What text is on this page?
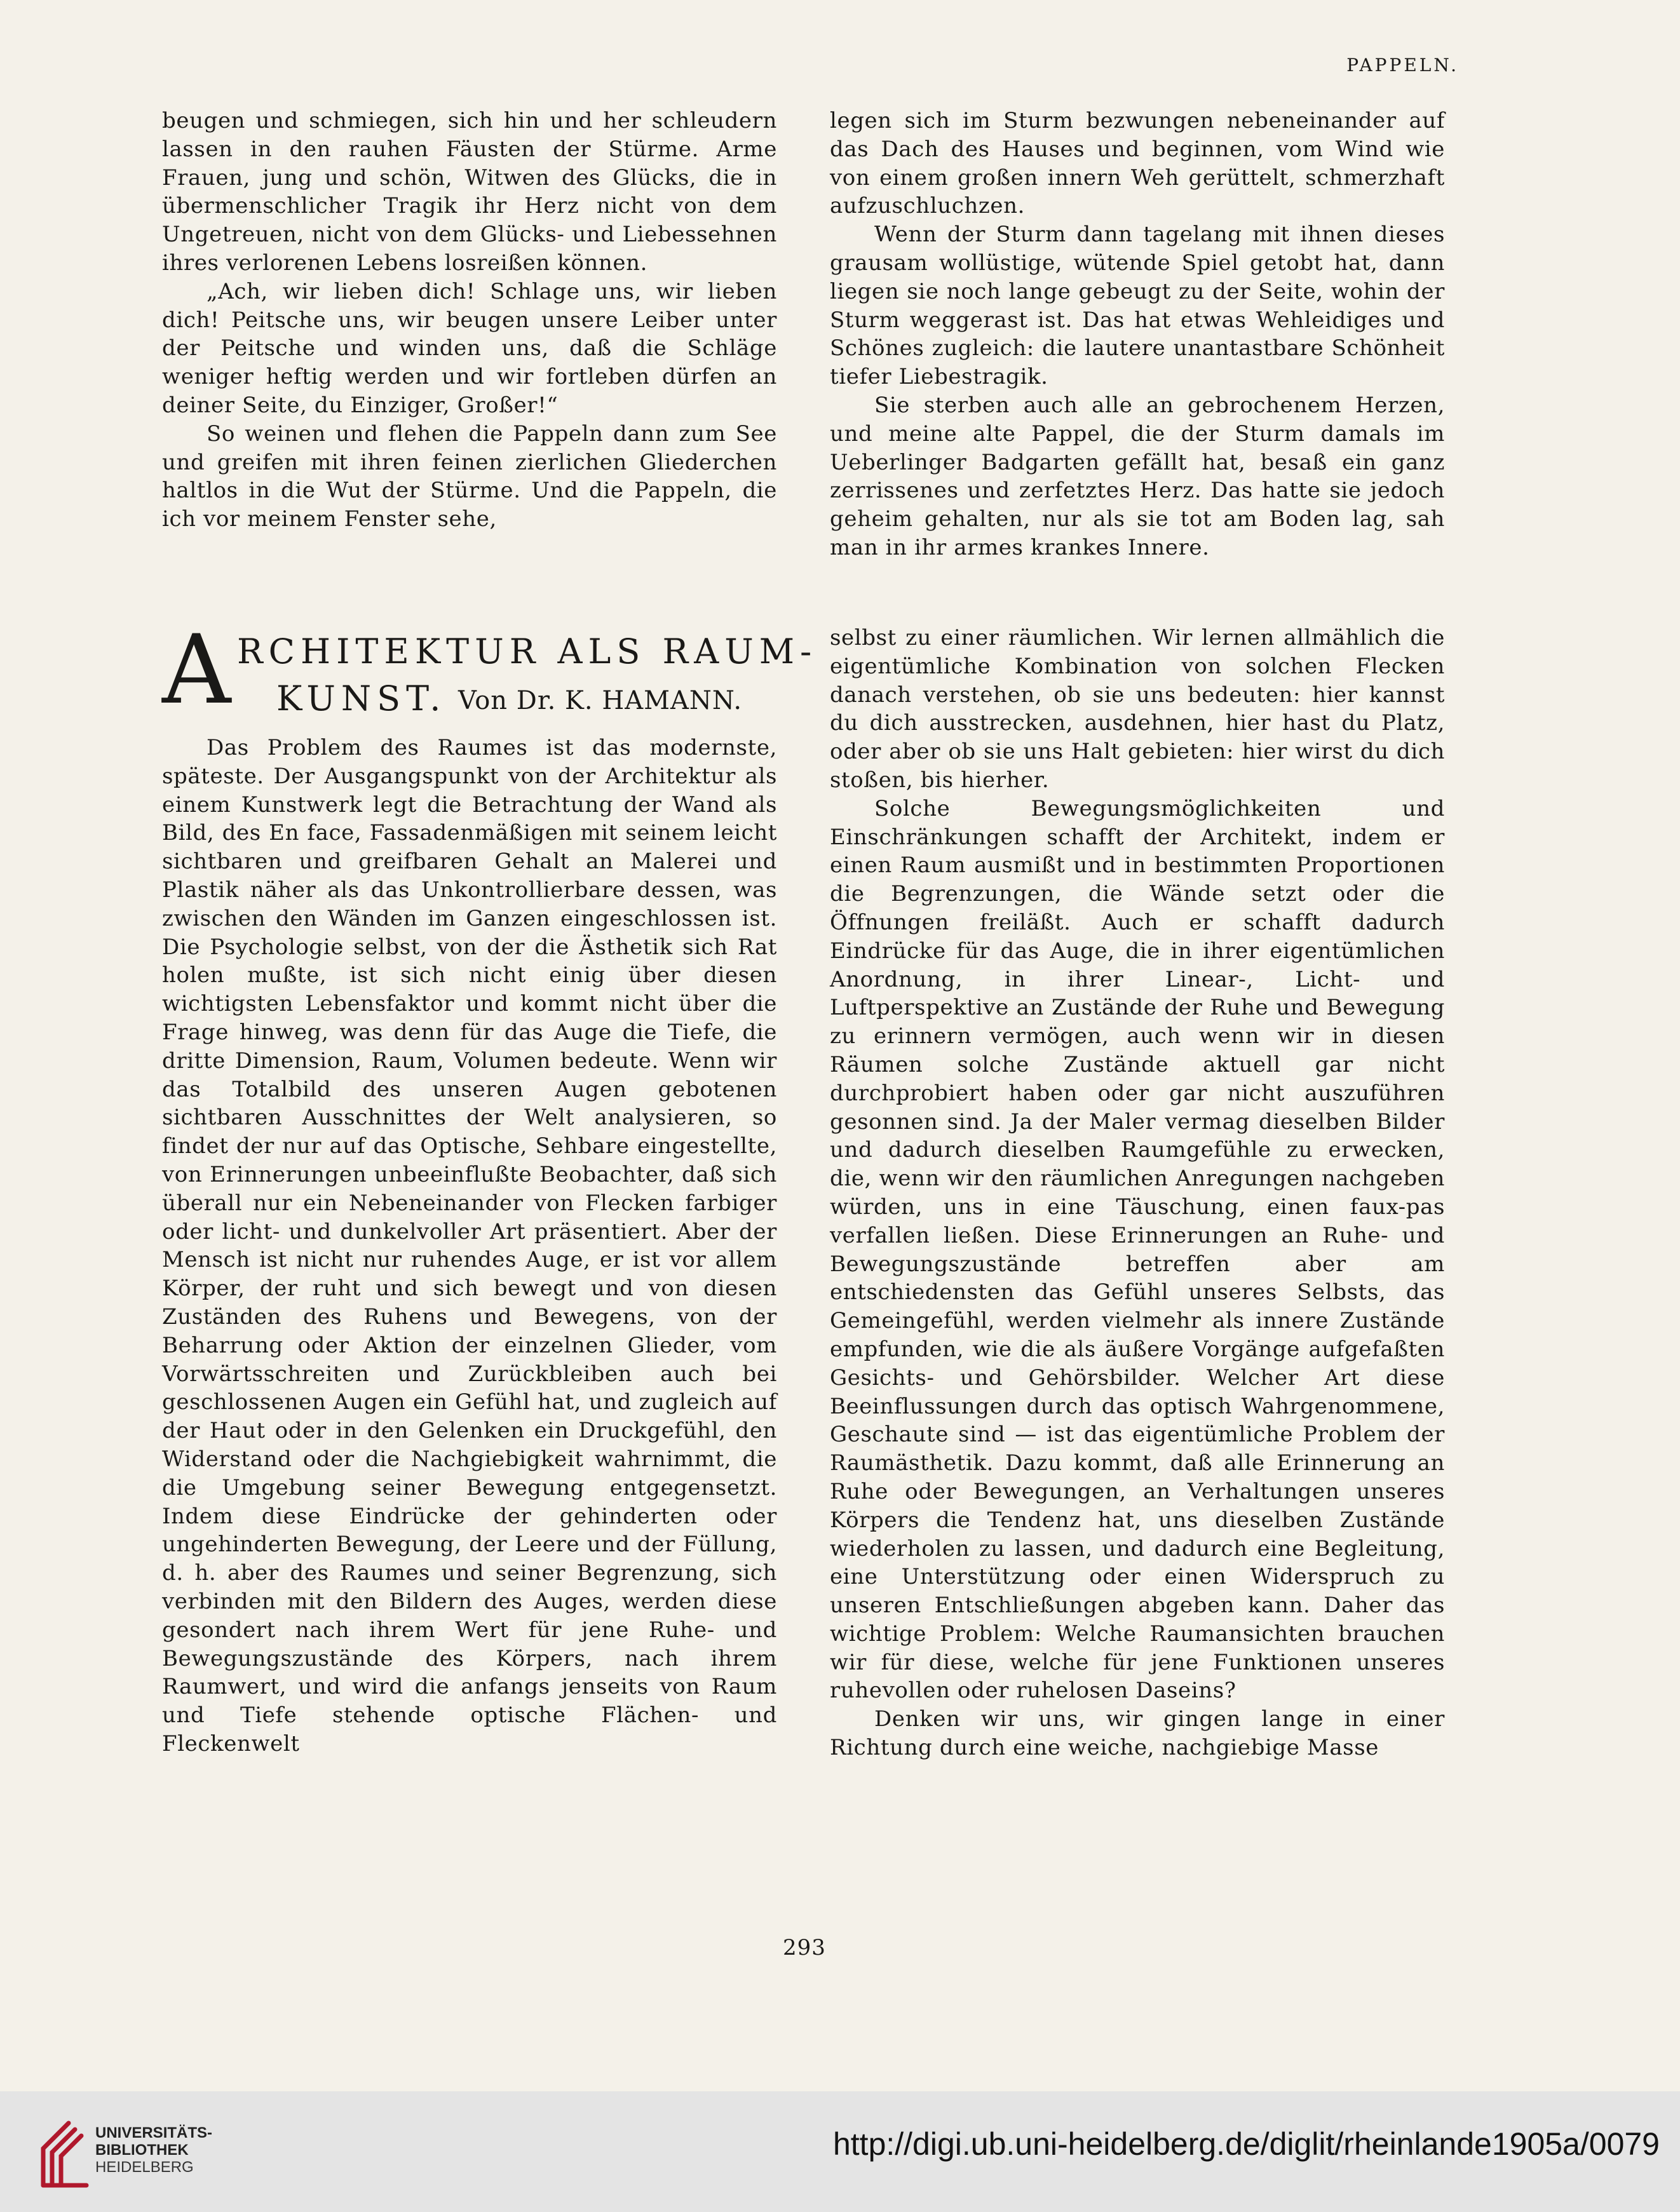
PAPPELN.

beugen und schmiegen, sich hin und her schleudern lassen in den rauhen Fäusten der Stürme. Arme Frauen, jung und schön, Witwen des Glücks, die in übermenschlicher Tragik ihr Herz nicht von dem Ungetreuen, nicht von dem Glücks- und Liebessehnen ihres verlorenen Lebens losreißen können.

„Ach, wir lieben dich! Schlage uns, wir lieben dich! Peitsche uns, wir beugen unsere Leiber unter der Peitsche und winden uns, daß die Schläge weniger heftig werden und wir fortleben dürfen an deiner Seite, du Einziger, Großer!“

So weinen und flehen die Pappeln dann zum See und greifen mit ihren feinen zierlichen Gliederchen haltlos in die Wut der Stürme. Und die Pappeln, die ich vor meinem Fenster sehe,

legen sich im Sturm bezwungen nebeneinander auf das Dach des Hauses und beginnen, vom Wind wie von einem großen innern Weh gerüttelt, schmerzhaft aufzuschluchzen.

Wenn der Sturm dann tagelang mit ihnen dieses grausam wollüstige, wütende Spiel getobt hat, dann liegen sie noch lange gebeugt zu der Seite, wohin der Sturm weggerast ist. Das hat etwas Wehleidiges und Schönes zugleich: die lautere unantastbare Schönheit tiefer Liebestragik.

Sie sterben auch alle an gebrochenem Herzen, und meine alte Pappel, die der Sturm damals im Ueberlinger Badgarten gefällt hat, besaß ein ganz zerrissenes und zerfetztes Herz. Das hatte sie jedoch geheim gehalten, nur als sie tot am Boden lag, sah man in ihr armes krankes Innere.

A RCHITEKTUR ALS RAUM-
KUNST. Von Dr. K. HAMANN.

Das Problem des Raumes ist das modernste, späteste. Der Ausgangspunkt von der Architektur als einem Kunstwerk legt die Betrachtung der Wand als Bild, des En face, Fassadenmäßigen mit seinem leicht sichtbaren und greifbaren Gehalt an Malerei und Plastik näher als das Unkontrollierbare dessen, was zwischen den Wänden im Ganzen eingeschlossen ist. Die Psychologie selbst, von der die Ästhetik sich Rat holen mußte, ist sich nicht einig über diesen wichtigsten Lebensfaktor und kommt nicht über die Frage hinweg, was denn für das Auge die Tiefe, die dritte Dimension, Raum, Volumen bedeute. Wenn wir das Totalbild des unseren Augen gebotenen sichtbaren Ausschnittes der Welt analysieren, so findet der nur auf das Optische, Sehbare eingestellte, von Erinnerungen unbeeinflußte Beobachter, daß sich überall nur ein Nebeneinander von Flecken farbiger oder licht- und dunkelvoller Art präsentiert. Aber der Mensch ist nicht nur ruhendes Auge, er ist vor allem Körper, der ruht und sich bewegt und von diesen Zuständen des Ruhens und Bewegens, von der Beharrung oder Aktion der einzelnen Glieder, vom Vorwärtsschreiten und Zurückbleiben auch bei geschlossenen Augen ein Gefühl hat, und zugleich auf der Haut oder in den Gelenken ein Druckgefühl, den Widerstand oder die Nachgiebigkeit wahrnimmt, die die Umgebung seiner Bewegung entgegensetzt. Indem diese Eindrücke der gehinderten oder ungehinderten Bewegung, der Leere und der Füllung, d. h. aber des Raumes und seiner Begrenzung, sich verbinden mit den Bildern des Auges, werden diese gesondert nach ihrem Wert für jene Ruhe- und Bewegungszustände des Körpers, nach ihrem Raumwert, und wird die anfangs jenseits von Raum und Tiefe stehende optische Flächen- und Fleckenwelt

selbst zu einer räumlichen. Wir lernen allmählich die eigentümliche Kombination von solchen Flecken danach verstehen, ob sie uns bedeuten: hier kannst du dich ausstrecken, ausdehnen, hier hast du Platz, oder aber ob sie uns Halt gebieten: hier wirst du dich stoßen, bis hierher.

Solche Bewegungsmöglichkeiten und Einschränkungen schafft der Architekt, indem er einen Raum ausmißt und in bestimmten Proportionen die Begrenzungen, die Wände setzt oder die Öffnungen freiläßt. Auch er schafft dadurch Eindrücke für das Auge, die in ihrer eigentümlichen Anordnung, in ihrer Linear-, Licht- und Luftperspektive an Zustände der Ruhe und Bewegung zu erinnern vermögen, auch wenn wir in diesen Räumen solche Zustände aktuell gar nicht durchprobiert haben oder gar nicht auszuführen gesonnen sind. Ja der Maler vermag dieselben Bilder und dadurch dieselben Raumgefühle zu erwecken, die, wenn wir den räumlichen Anregungen nachgeben würden, uns in eine Täuschung, einen faux-pas verfallen ließen. Diese Erinnerungen an Ruhe- und Bewegungszustände betreffen aber am entschiedensten das Gefühl unseres Selbsts, das Gemeingefühl, werden vielmehr als innere Zustände empfunden, wie die als äußere Vorgänge aufgefaßten Gesichts- und Gehörsbilder. Welcher Art diese Beeinflussungen durch das optisch Wahrgenommene, Geschaute sind — ist das eigentümliche Problem der Raumästhetik. Dazu kommt, daß alle Erinnerung an Ruhe oder Bewegungen, an Verhaltungen unseres Körpers die Tendenz hat, uns dieselben Zustände wiederholen zu lassen, und dadurch eine Begleitung, eine Unterstützung oder einen Widerspruch zu unseren Entschließungen abgeben kann. Daher das wichtige Problem: Welche Raumansichten brauchen wir für diese, welche für jene Funktionen unseres ruhevollen oder ruhelosen Daseins?

Denken wir uns, wir gingen lange in einer Richtung durch eine weiche, nachgiebige Masse

293
UNIVERSITÄTS-
BIBLIOTHEK
HEIDELBERG
http://digi.ub.uni-heidelberg.de/diglit/rheinlande1905a/0079
